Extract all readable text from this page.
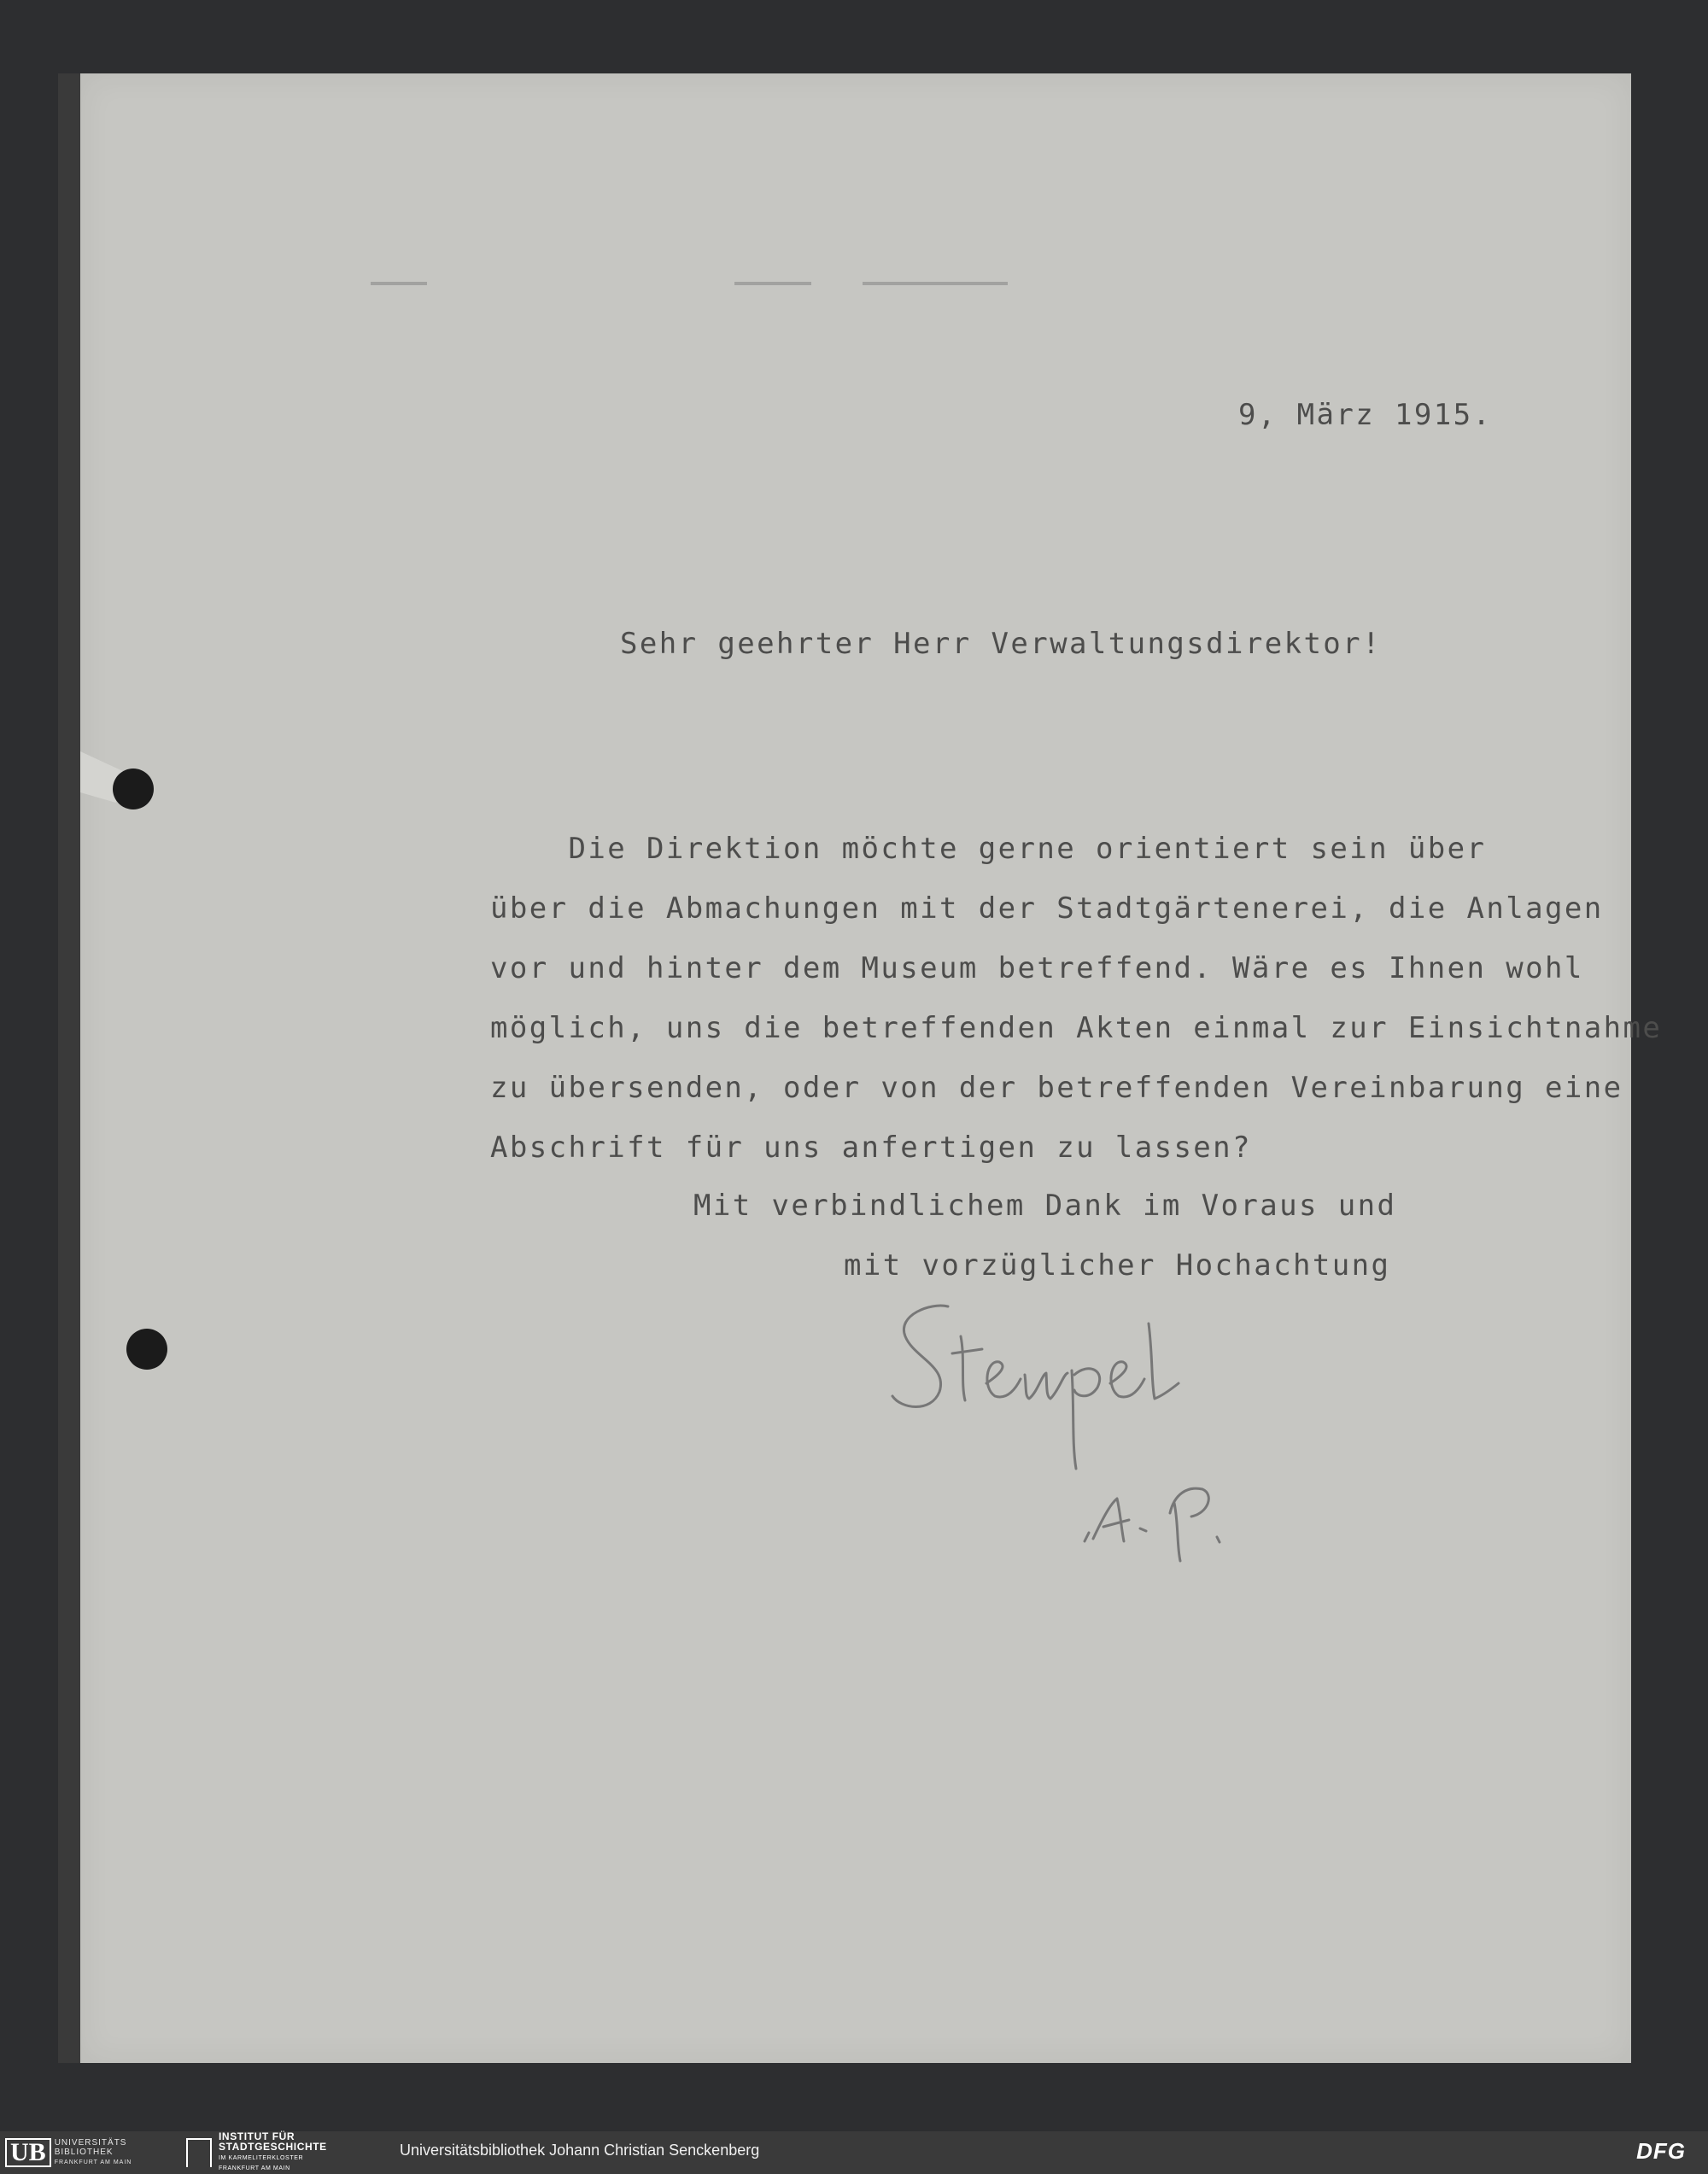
9, März 1915.
Sehr geehrter Herr Verwaltungsdirektor!
Die Direktion möchte gerne orientiert sein über
über die Abmachungen mit der Stadtgärtenerei, die Anlagen
vor und hinter dem Museum betreffend. Wäre es Ihnen wohl
möglich, uns die betreffenden Akten einmal zur Einsichtnahme
zu übersenden, oder von der betreffenden Vereinbarung eine
Abschrift für uns anfertigen zu lassen?
Mit verbindlichem Dank im Voraus und
mit vorzüglicher Hochachtung
UB	UNIVERSITÄTS
BIBLIOTHEK
FRANKFURT AM MAIN
INSTITUT FÜR
STADTGESCHICHTE
IM KARMELITERKLOSTER
FRANKFURT AM MAIN
Universitätsbibliothek Johann Christian Senckenberg	DFG
